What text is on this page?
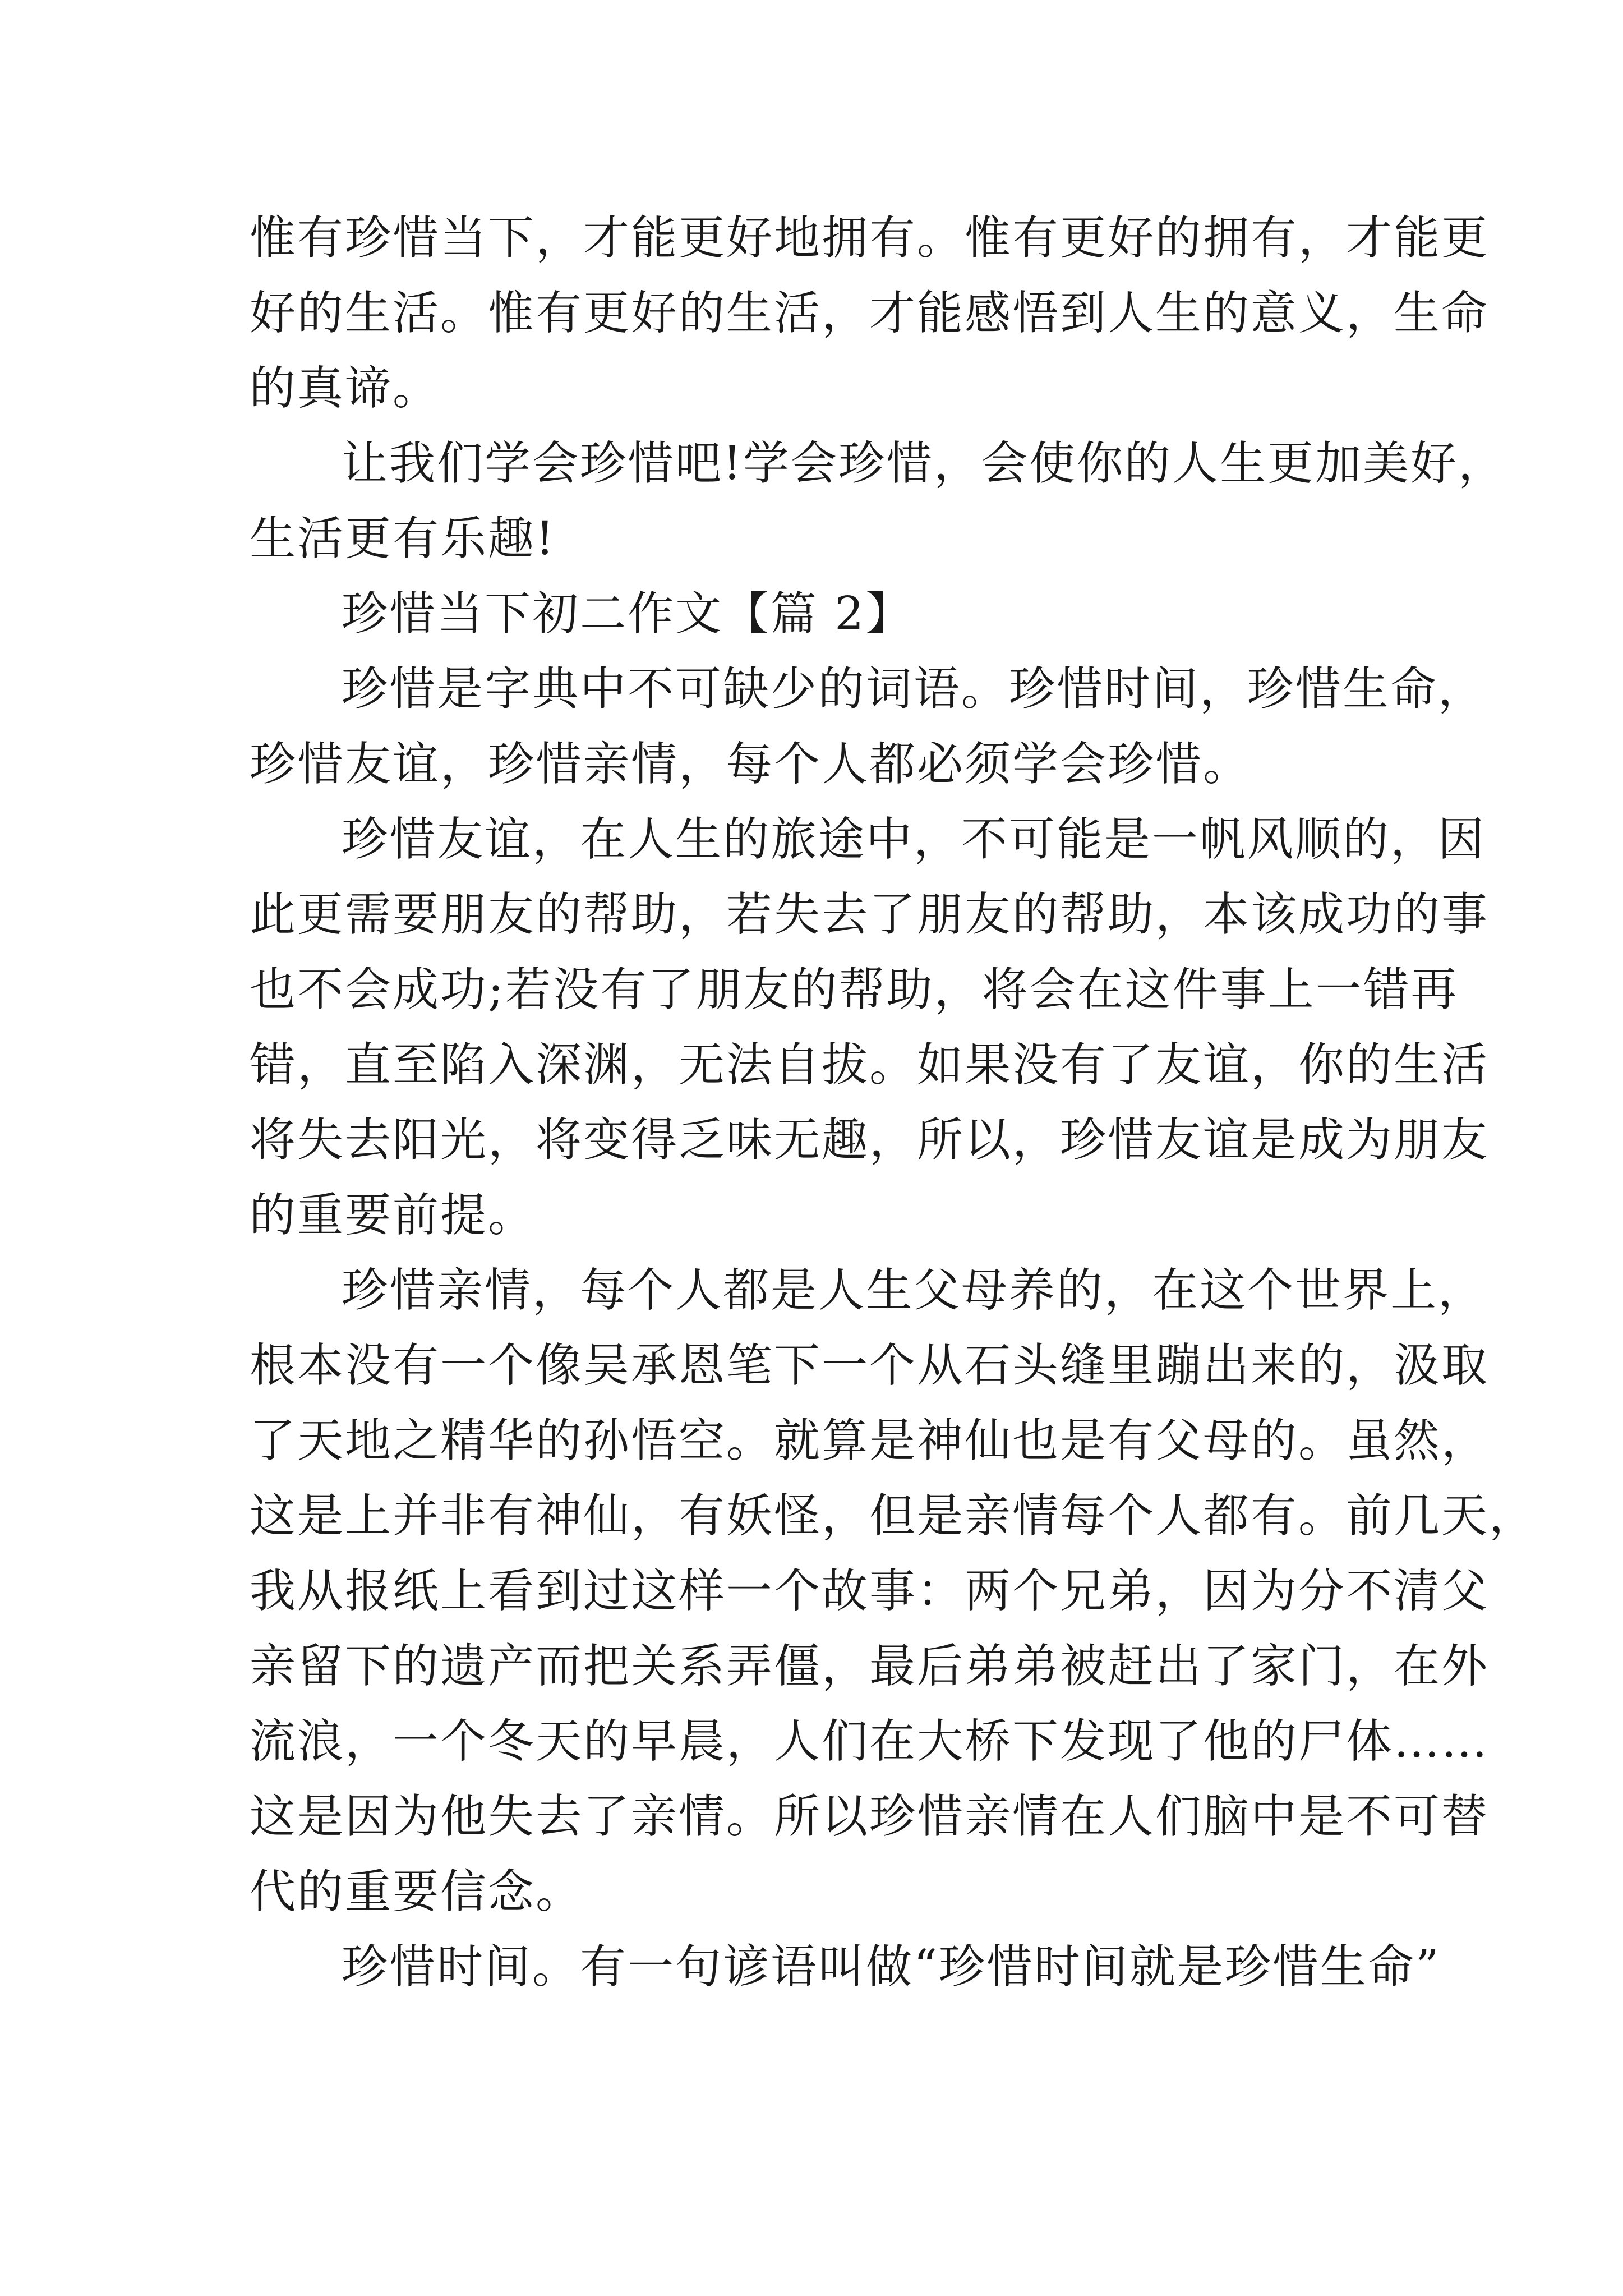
惟有珍惜当下，才能更好地拥有。惟有更好的拥有，才能更
好的生活。惟有更好的生活，才能感悟到人生的意义，生命
的真谛。
让我们学会珍惜吧!学会珍惜，会使你的人生更加美好，
生活更有乐趣!
珍惜当下初二作文【篇 2】
珍惜是字典中不可缺少的词语。珍惜时间，珍惜生命，
珍惜友谊，珍惜亲情，每个人都必须学会珍惜。
珍惜友谊，在人生的旅途中，不可能是一帆风顺的，因
此更需要朋友的帮助，若失去了朋友的帮助，本该成功的事
也不会成功;若没有了朋友的帮助，将会在这件事上一错再
错，直至陷入深渊，无法自拔。如果没有了友谊，你的生活
将失去阳光，将变得乏味无趣，所以，珍惜友谊是成为朋友
的重要前提。
珍惜亲情，每个人都是人生父母养的，在这个世界上，
根本没有一个像吴承恩笔下一个从石头缝里蹦出来的，汲取
了天地之精华的孙悟空。就算是神仙也是有父母的。虽然，
这是上并非有神仙，有妖怪，但是亲情每个人都有。前几天，
我从报纸上看到过这样一个故事：两个兄弟，因为分不清父
亲留下的遗产而把关系弄僵，最后弟弟被赶出了家门，在外
流浪，一个冬天的早晨，人们在大桥下发现了他的尸体……
这是因为他失去了亲情。所以珍惜亲情在人们脑中是不可替
代的重要信念。
珍惜时间。有一句谚语叫做“珍惜时间就是珍惜生命”
